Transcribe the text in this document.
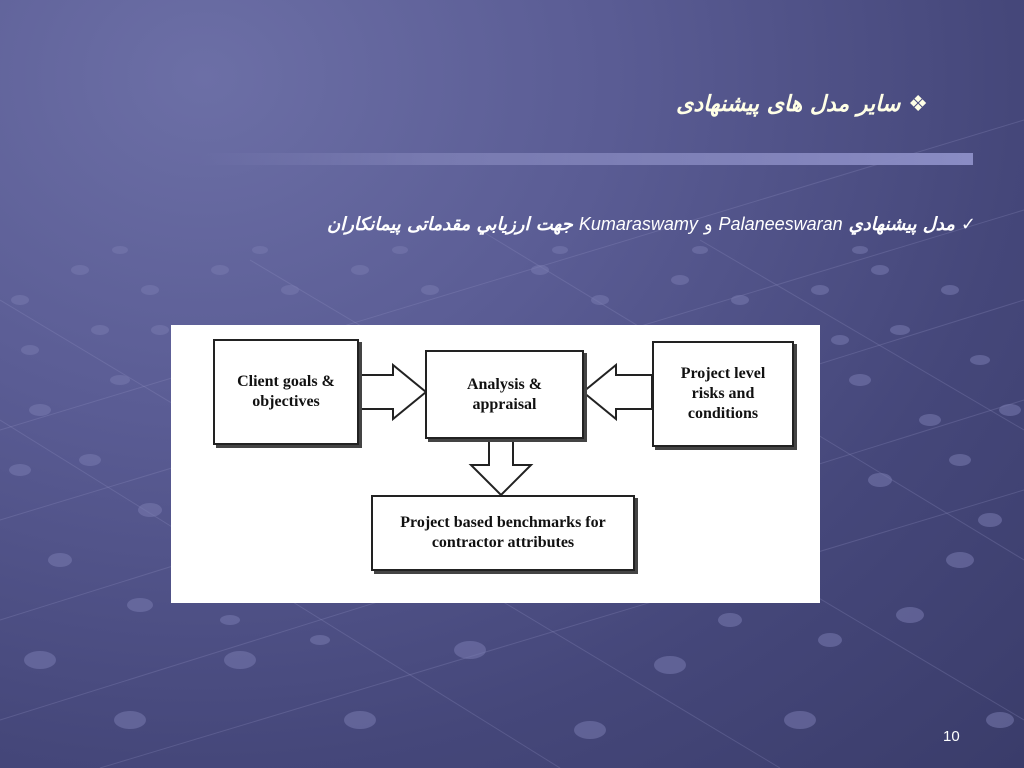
❖سایر مدل های پیشنهادی
✓مدل پیشنهاديPalaneeswaranوKumaraswamyجهت ارزيابي مقدماتی پیمانکاران
Client goals &
objectives
Analysis &
appraisal
Project level
risks and
conditions
Project based benchmarks for
contractor attributes
10
